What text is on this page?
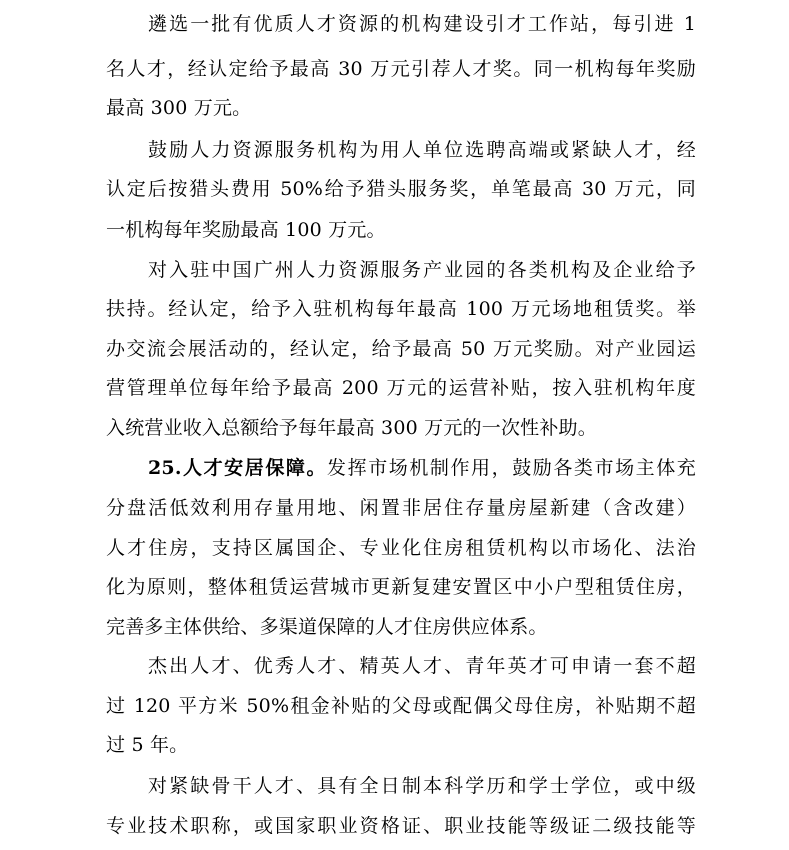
遴选一批有优质人才资源的机构建设引才工作站，每引进 1
名人才，经认定给予最高 30 万元引荐人才奖。同一机构每年奖励
最高 300 万元。
鼓励人力资源服务机构为用人单位选聘高端或紧缺人才，经
认定后按猎头费用 50%给予猎头服务奖，单笔最高 30 万元，同
一机构每年奖励最高 100 万元。
对入驻中国广州人力资源服务产业园的各类机构及企业给予
扶持。经认定，给予入驻机构每年最高 100 万元场地租赁奖。举
办交流会展活动的，经认定，给予最高 50 万元奖励。对产业园运
营管理单位每年给予最高 200 万元的运营补贴，按入驻机构年度
入统营业收入总额给予每年最高 300 万元的一次性补助。
25.人才安居保障。发挥市场机制作用，鼓励各类市场主体充
分盘活低效利用存量用地、闲置非居住存量房屋新建（含改建）
人才住房，支持区属国企、专业化住房租赁机构以市场化、法治
化为原则，整体租赁运营城市更新复建安置区中小户型租赁住房，
完善多主体供给、多渠道保障的人才住房供应体系。
杰出人才、优秀人才、精英人才、青年英才可申请一套不超
过 120 平方米 50%租金补贴的父母或配偶父母住房，补贴期不超
过 5 年。
对紧缺骨干人才、具有全日制本科学历和学士学位，或中级
专业技术职称，或国家职业资格证、职业技能等级证二级技能等
